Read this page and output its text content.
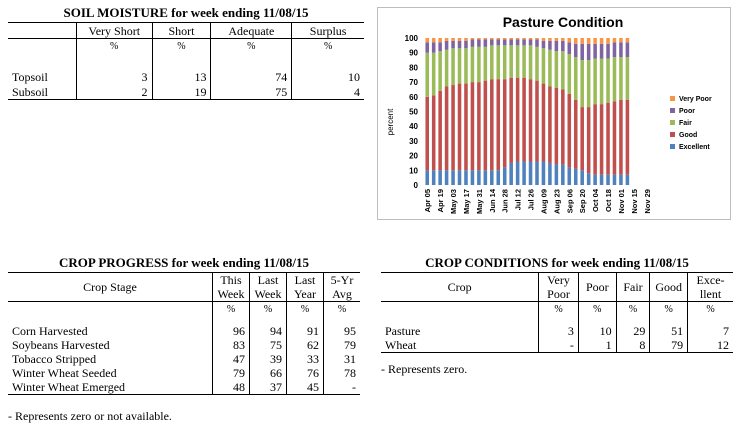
SOIL MOISTURE for week ending 11/08/15
	Very Short	Short	Adequate	Surplus
	%	%	%	%

Topsoil	3	13	74	10
Subsoil	2	19	75	4
Pasture Condition
percent
0
10
20
30
40
50
60
70
80
90
100
Apr 05 Apr 19 May 03 May 17 May 31 Jun 14 Jun 28 Jul 12 Jul 26 Aug 09 Aug 23 Sep 06 Sep 20 Oct 04 Oct 18 Nov 01 Nov 15 Nov 29
Very Poor
Poor
Fair
Good
Excellent
CROP PROGRESS for week ending 11/08/15
Crop Stage	This	Last	Last	5-Yr
	Week	Week	Year	Avg
	%	%	%	%

Corn Harvested	96	94	91	95
Soybeans Harvested	83	75	62	79
Tobacco Stripped	47	39	33	31
Winter Wheat Seeded	79	66	76	78
Winter Wheat Emerged	48	37	45	-
- Represents zero or not available.
CROP CONDITIONS for week ending 11/08/15
Crop	Very	Poor	Fair	Good	Exce-
	Poor				llent
	%	%	%	%	%

Pasture	3	10	29	51	7
Wheat	-	1	8	79	12
- Represents zero.
